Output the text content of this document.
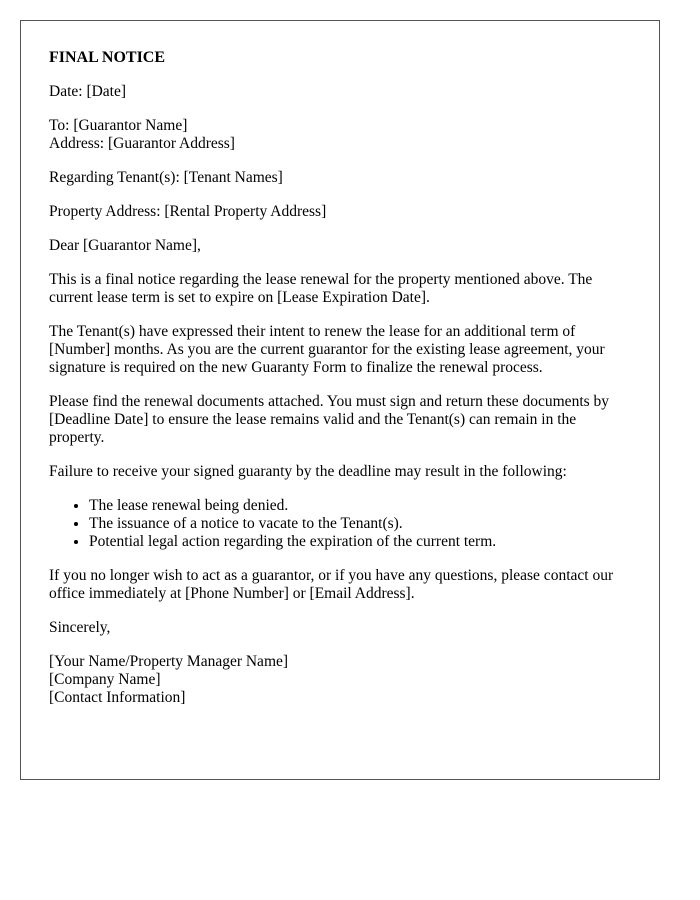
FINAL NOTICE

Date: [Date]

To: [Guarantor Name]
Address: [Guarantor Address]

Regarding Tenant(s): [Tenant Names]

Property Address: [Rental Property Address]

Dear [Guarantor Name],

This is a final notice regarding the lease renewal for the property mentioned above. The current lease term is set to expire on [Lease Expiration Date].

The Tenant(s) have expressed their intent to renew the lease for an additional term of [Number] months. As you are the current guarantor for the existing lease agreement, your signature is required on the new Guaranty Form to finalize the renewal process.

Please find the renewal documents attached. You must sign and return these documents by [Deadline Date] to ensure the lease remains valid and the Tenant(s) can remain in the property.

Failure to receive your signed guaranty by the deadline may result in the following:

• The lease renewal being denied.
• The issuance of a notice to vacate to the Tenant(s).
• Potential legal action regarding the expiration of the current term.

If you no longer wish to act as a guarantor, or if you have any questions, please contact our office immediately at [Phone Number] or [Email Address].

Sincerely,

[Your Name/Property Manager Name]
[Company Name]
[Contact Information]
